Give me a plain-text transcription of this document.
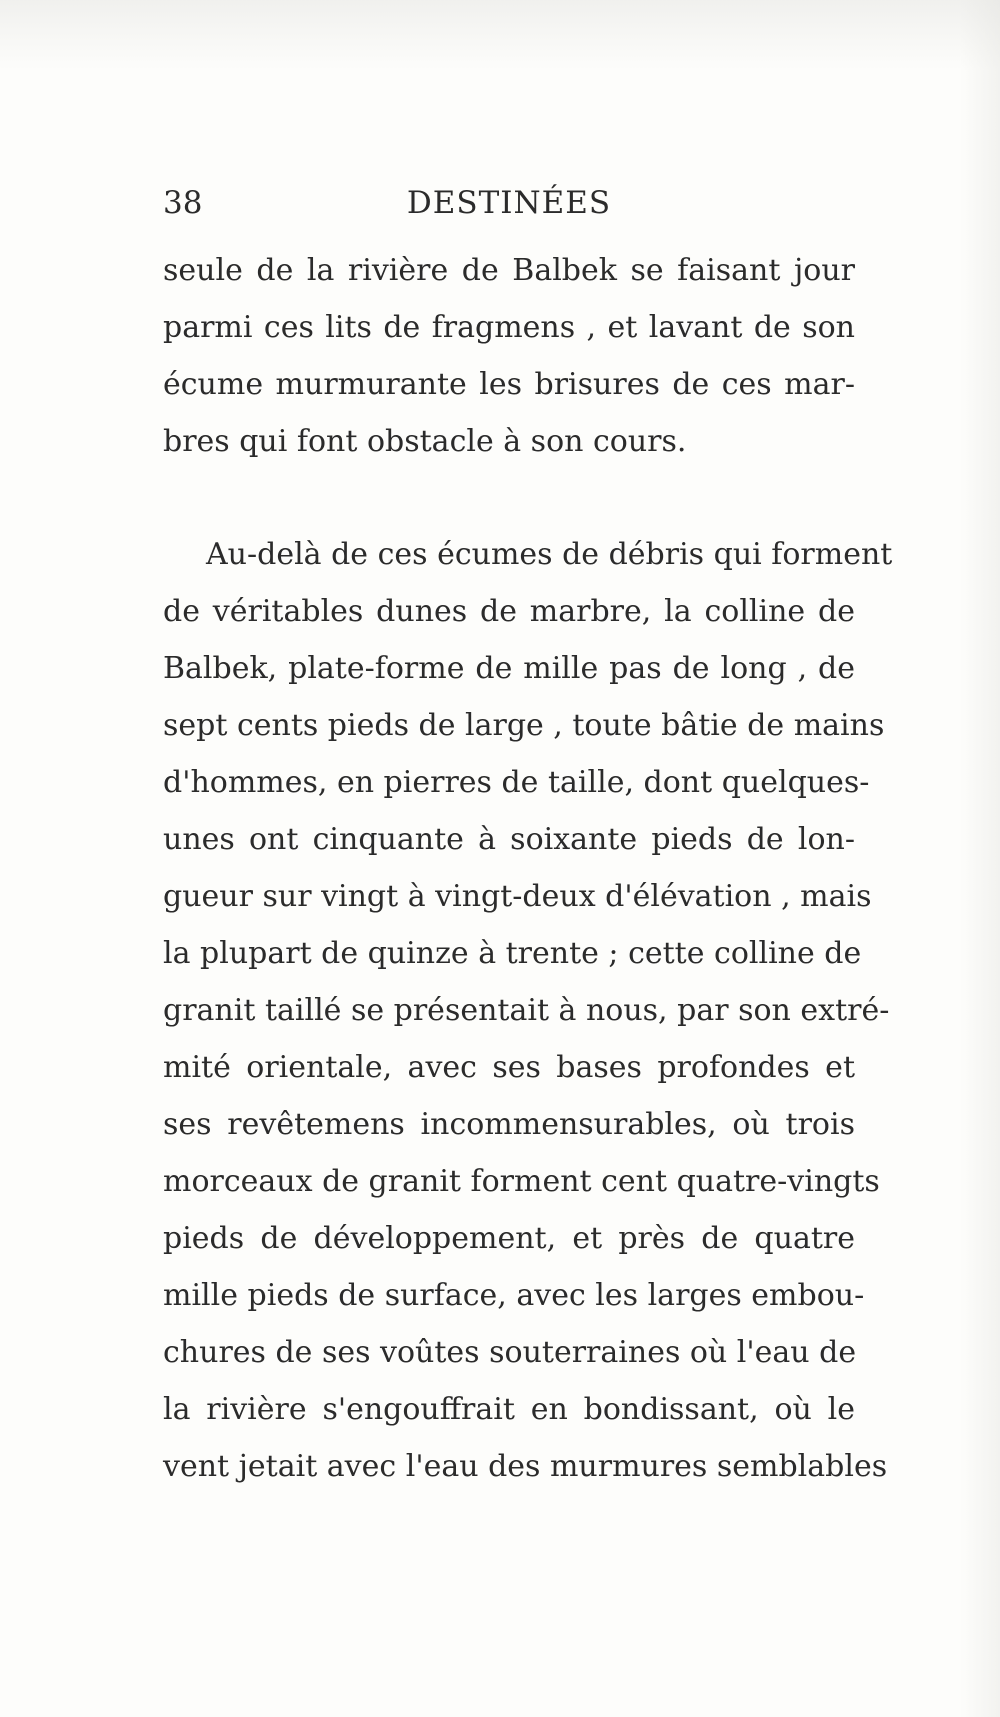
38	DESTINÉES
seule de la rivière de Balbek se faisant jour
parmi ces lits de fragmens , et lavant de son
écume murmurante les brisures de ces mar-
bres qui font obstacle à son cours.
Au-delà de ces écumes de débris qui forment
de véritables dunes de marbre, la colline de
Balbek, plate-forme de mille pas de long , de
sept cents pieds de large , toute bâtie de mains
d'hommes, en pierres de taille, dont quelques-
unes ont cinquante à soixante pieds de lon-
gueur sur vingt à vingt-deux d'élévation , mais
la plupart de quinze à trente ; cette colline de
granit taillé se présentait à nous, par son extré-
mité orientale, avec ses bases profondes et
ses revêtemens incommensurables, où trois
morceaux de granit forment cent quatre-vingts
pieds de développement, et près de quatre
mille pieds de surface, avec les larges embou-
chures de ses voûtes souterraines où l'eau de
la rivière s'engouffrait en bondissant, où le
vent jetait avec l'eau des murmures semblables
